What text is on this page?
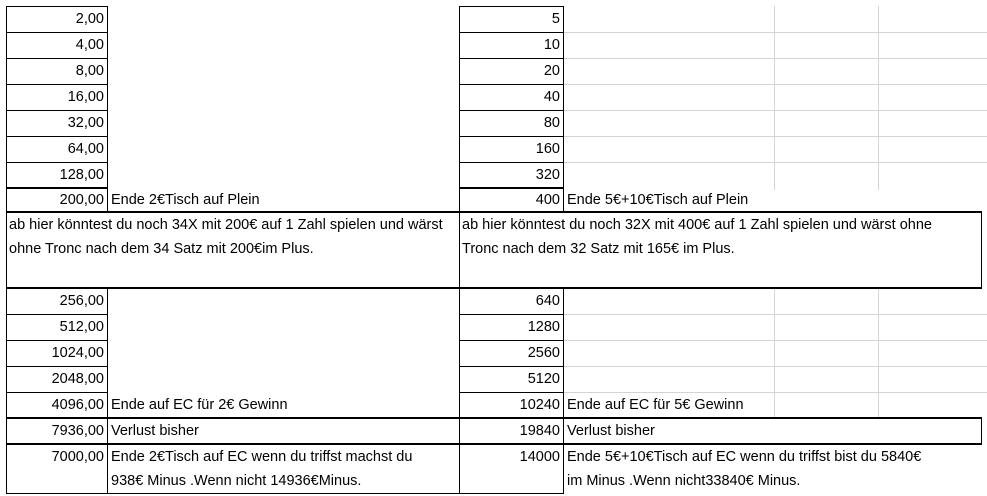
2,00
4,00
8,00
16,00
32,00
64,00
128,00
200,00 Ende 2€Tisch auf Plein
ab hier könntest du noch 34X mit 200€ auf 1 Zahl spielen und wärst ohne Tronc nach dem 34 Satz mit 200€im Plus.
256,00
512,00
1024,00
2048,00
4096,00 Ende auf EC für 2€ Gewinn
7936,00 Verlust bisher
7000,00 Ende 2€Tisch auf EC wenn du triffst machst du
938€ Minus .Wenn nicht 14936€Minus.
5
10
20
40
80
160
320
400 Ende 5€+10€Tisch auf Plein
ab hier könntest du noch 32X mit 400€ auf 1 Zahl spielen und wärst ohne Tronc nach dem 32 Satz mit 165€ im Plus.
640
1280
2560
5120
10240 Ende auf EC für 5€ Gewinn
19840 Verlust bisher
14000 Ende 5€+10€Tisch auf EC wenn du triffst bist du 5840€
im Minus .Wenn nicht33840€ Minus.
